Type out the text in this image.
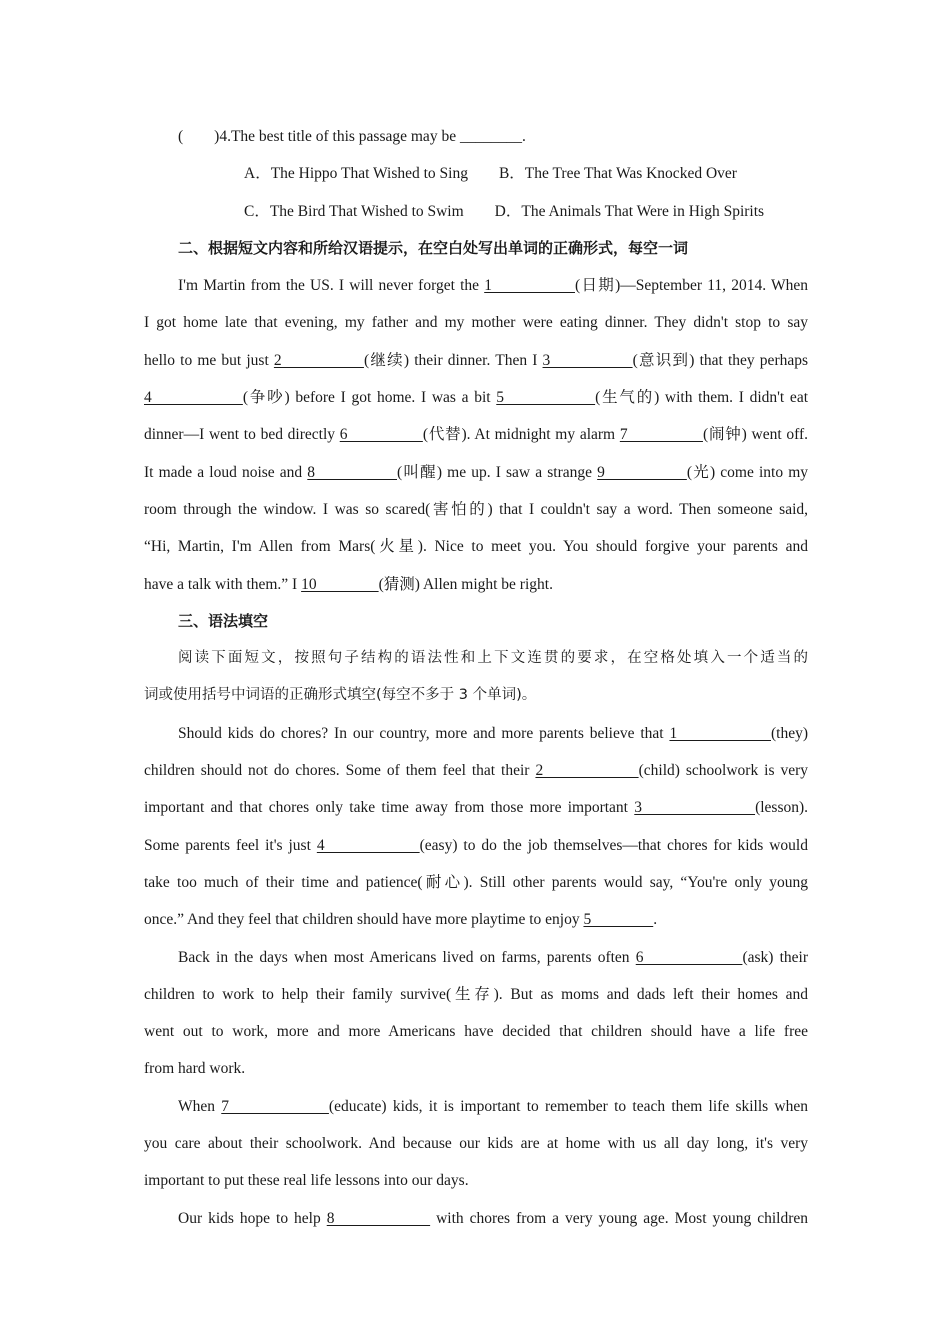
(　　)4.The best title of this passage may be ________.
A．The Hippo That Wished to Sing　　B．The Tree That Was Knocked Over
C．The Bird That Wished to Swim　　D．The Animals That Were in High Spirits
二、根据短文内容和所给汉语提示，在空白处写出单词的正确形式，每空一词
I'm Martin from the US. I will never forget the 1                (日期)—September 11, 2014. When
I got home late that evening, my father and my mother were eating dinner. They didn't stop to say
hello to me but just 2                (继续) their dinner. Then I 3                (意识到) that they perhaps
4                (争吵) before I got home. I was a bit 5                (生气的) with them. I didn't eat
dinner—I went to bed directly 6                (代替). At midnight my alarm 7                (闹钟) went off.
It made a loud noise and 8                (叫醒) me up. I saw a strange 9                (光) come into my
room through the window. I was so scared(害怕的) that I couldn't say a word. Then someone said,
“Hi, Martin, I'm Allen from Mars(火星). Nice to meet you. You should forgive your parents and
have a talk with them.” I 10                (猜测) Allen might be right.
三、语法填空
阅读下面短文，按照句子结构的语法性和上下文连贯的要求，在空格处填入一个适当的
词或使用括号中词语的正确形式填空(每空不多于 3 个单词)。
Should kids do chores? In our country, more and more parents believe that 1                (they)
children should not do chores. Some of them feel that their 2                (child) schoolwork is very
important and that chores only take time away from those more important 3                  (lesson).
Some parents feel it's just 4                (easy) to do the job themselves—that chores for kids would
take too much of their time and patience(耐心). Still other parents would say, “You're only young
once.” And they feel that children should have more playtime to enjoy 5                .
Back in the days when most Americans lived on farms, parents often 6                (ask) their
children to work to help their family survive(生存). But as moms and dads left their homes and
went out to work, more and more Americans have decided that children should have a life free
from hard work.
When 7                (educate) kids, it is important to remember to teach them life skills when
you care about their schoolwork. And because our kids are at home with us all day long, it's very
important to put these real life lessons into our days.
Our kids hope to help 8                 with chores from a very young age. Most young children
